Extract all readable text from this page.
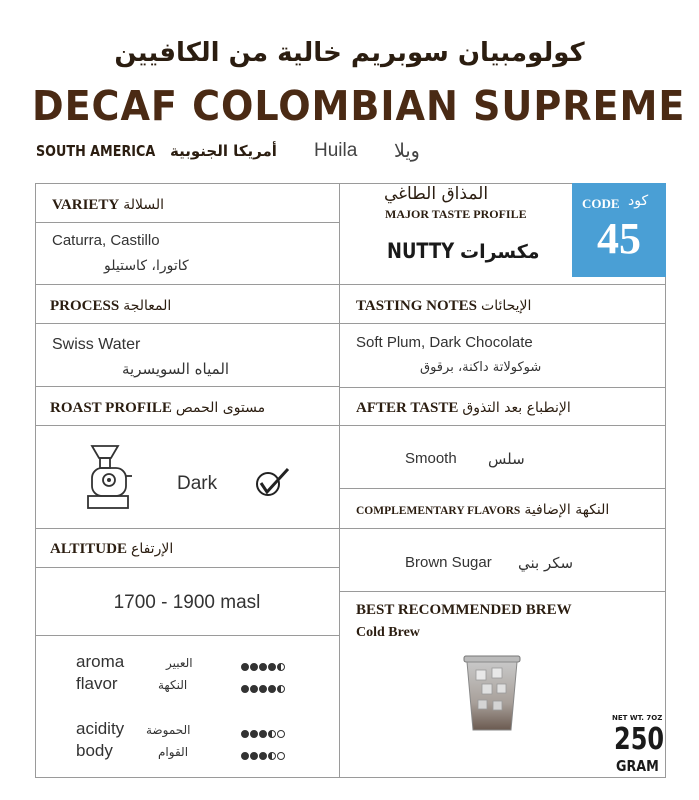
كولومبيان سوبريم خالية من الكافيين
DECAF COLOMBIAN SUPREME
SOUTH AMERICA أمريكا الجنوبية Huila ويلا
VARIETY السلالة
Caturra, Castillo
كاتورا، كاستيلو
المذاق الطاغي
MAJOR TASTE PROFILE
NUTTY مكسرات
CODE كود
45
PROCESS المعالجة
Swiss Water
المياه السويسرية
TASTING NOTES الإيحائات
Soft Plum, Dark Chocolate
شوكولاتة داكنة، برقوق
ROAST PROFILE مستوى الحمص
Dark
AFTER TASTE الإنطباع بعد التذوق
Smooth سلس
COMPLEMENTARY FLAVORS النكهة الإضافية
Brown Sugar سكر بني
ALTITUDE الإرتفاع
1700 - 1900 masl
aroma	العبير
flavor	النكهة
acidity الحموضة
body	القوام
BEST RECOMMENDED BREW
Cold Brew
NET WT. 7OZ
250
GRAM
